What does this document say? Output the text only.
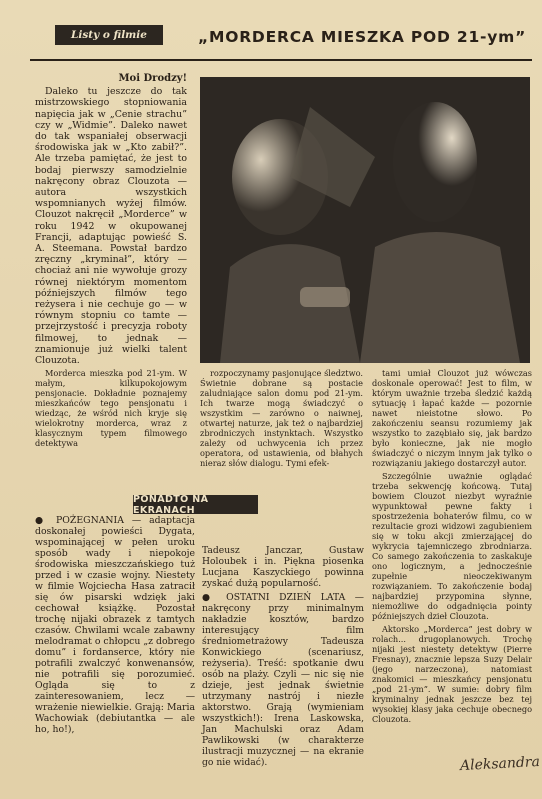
Listy o filmie	„MORDERCA MIESZKA POD 21-ym”
Moi Drodzy!

Daleko tu jeszcze do tak mistrzowskiego stopniowania napięcia jak w „Cenie strachu” czy w „Widmie”. Daleko nawet do tak wspaniałej obserwacji środowiska jak w „Kto zabił?”. Ale trzeba pamiętać, że jest to bodaj pierwszy samodzielnie nakręcony obraz Clouzota — autora wszystkich wspomnianych wyżej filmów. Clouzot nakręcił „Morderce” w roku 1942 w okupowanej Francji, adaptując powieść S. A. Steemana. Powstał bardzo zręczny „kryminał”, który — chociaż ani nie wywołuje grozy równej niektórym momentom późniejszych filmów tego reżysera i nie cechuje go — w równym stopniu co tamte — przejrzystość i precyzja roboty filmowej, to jednak — znamionuje już wielki talent Clouzota.

Morderca mieszka pod 21-ym. W małym, kilkupokojowym pensjonacie. Dokładnie poznajemy mieszkańców tego pensjonatu i wiedząc, że wśród nich kryje się wielokrotny morderca, wraz z klasycznym typem filmowego detektywa

rozpoczynamy pasjonujące śledztwo. Świetnie dobrane są postacie zaludniające salon domu pod 21-ym. Ich twarze mogą świadczyć o wszystkim — zarówno o naiwnej, otwartej naturze, jak też o najbardziej zbrodniczych instynktach. Wszystko zależy od uchwycenia ich przez operatora, od ustawienia, od błahych nieraz słów dialogu. Tymi efek-

tami umiał Clouzot już wówczas doskonale operować! Jest to film, w którym uważnie trzeba śledzić każdą sytuację i łapać każde — pozornie nawet nieistotne słowo. Po zakończeniu seansu rozumiemy jak wszystko to zazębiało się, jak bardzo było konieczne, jak nie mogło świadczyć o niczym innym jak tylko o rozwiązaniu jakiego dostarczył autor.

Szczególnie uważnie oglądać trzeba sekwencję końcową. Tutaj bowiem Clouzot niezbyt wyraźnie wypunktował pewne fakty i spostrzeżenia bohaterów filmu, co w rezultacie grozi widzowi zagubieniem się w toku akcji zmierzającej do wykrycia tajemniczego zbrodniarza. Co samego zakończenia to zaskakuje ono logicznym, a jednocześnie zupełnie nieoczekiwanym rozwiązaniem. To zakończenie bodaj najbardziej przypomina słynne, niemożliwe do odgadnięcia pointy późniejszych dzieł Clouzota.

Aktorsko „Morderca” jest dobry w rolach... drugoplanowych. Trochę nijaki jest niestety detektyw (Pierre Fresnay), znacznie lepsza Suzy Delair (jego narzeczona), natomiast znakomici — mieszkańcy pensjonatu „pod 21-ym”. W sumie: dobry film kryminalny jednak jeszcze bez tej wysokiej klasy jaka cechuje obecnego Clouzota.

PONADTO NA EKRANACH

● POŻEGNANIA — adaptacja doskonałej powieści Dygata, wspominającej w pełen uroku sposób wady i niepokoje środowiska mieszczańskiego tuż przed i w czasie wojny. Niestety w filmie Wojciecha Hasa zatracił się ów pisarski wdzięk jaki cechował książkę. Pozostał trochę nijaki obrazek z tamtych czasów. Chwilami wcale zabawny melodramat o chłopcu „z dobrego domu” i fordanserce, który nie potrafili zwalczyć konwenansów, nie potrafili się porozumieć. Ogląda się to z zainteresowaniem, lecz — wrażenie niewielkie. Grają: Maria Wachowiak (debiutantka — ale ho, ho!),

Tadeusz Janczar, Gustaw Holoubek i in. Piękna piosenka Lucjana Kaszyckiego powinna zyskać dużą popularność.

● OSTATNI DZIEŃ LATA — nakręcony przy minimalnym nakładzie kosztów, bardzo interesujący film średniometrażowy Tadeusza Konwickiego (scenariusz, reżyseria). Treść: spotkanie dwu osób na plaży. Czyli — nic się nie dzieje, jest jednak świetnie utrzymany nastrój i niezłe aktorstwo. Grają (wymieniam wszystkich!): Irena Laskowska, Jan Machulski oraz Adam Pawlikowski (w charakterze ilustracji muzycznej — na ekranie go nie widać).	Aleksandra
